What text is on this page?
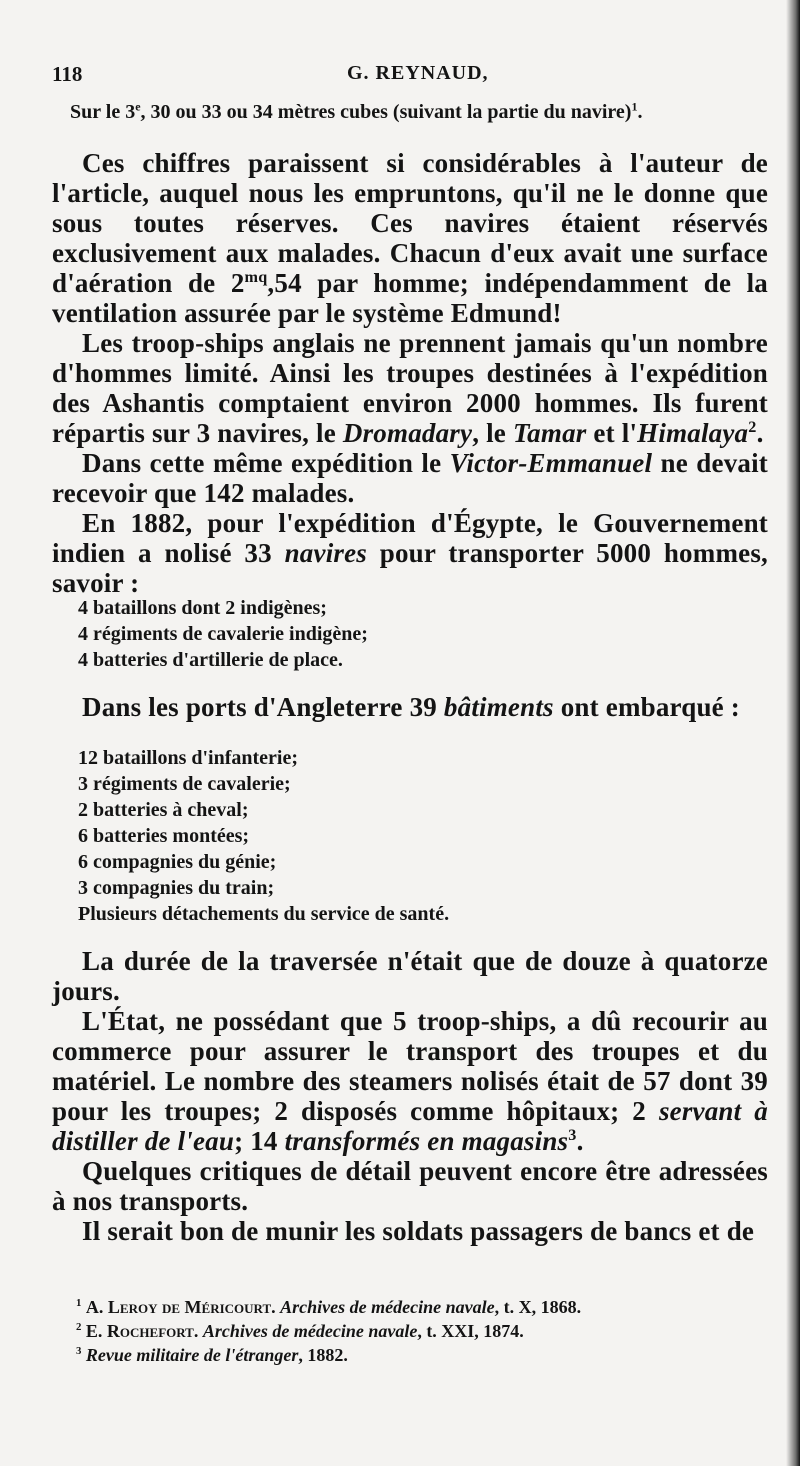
118	G. REYNAUD,
Sur le 3e, 30 ou 33 ou 34 mètres cubes (suivant la partie du navire)$^1$.

Ces chiffres paraissent si considérables à l'auteur de l'article, auquel nous les empruntons, qu'il ne le donne que sous toutes réserves. Ces navires étaient réservés exclusivement aux malades. Chacun d'eux avait une surface d'aération de $2^{mq},54$ par homme; indépendamment de la ventilation assurée par le système Edmund!

Les troop-ships anglais ne prennent jamais qu'un nombre d'hommes limité. Ainsi les troupes destinées à l'expédition des Ashantis comptaient environ 2000 hommes. Ils furent répartis sur 3 navires, le Dromadary, le Tamar et l'Himalaya$^2$.

Dans cette même expédition le Victor-Emmanuel ne devait recevoir que 142 malades.

En 1882, pour l'expédition d'Égypte, le Gouvernement indien a nolisé 33 navires pour transporter 5000 hommes, savoir :

4 bataillons dont 2 indigènes;
4 régiments de cavalerie indigène;
4 batteries d'artillerie de place.

Dans les ports d'Angleterre 39 bâtiments ont embarqué :

12 bataillons d'infanterie;
3 régiments de cavalerie;
2 batteries à cheval;
6 batteries montées;
6 compagnies du génie;
3 compagnies du train;
Plusieurs détachements du service de santé.

La durée de la traversée n'était que de douze à quatorze jours.

L'État, ne possédant que 5 troop-ships, a dû recourir au commerce pour assurer le transport des troupes et du matériel. Le nombre des steamers nolisés était de 57 dont 39 pour les troupes; 2 disposés comme hôpitaux; 2 servant à distiller de l'eau; 14 transformés en magasins$^3$.

Quelques critiques de détail peuvent encore être adressées à nos transports.

Il serait bon de munir les soldats passagers de bancs et de

$^1$ A. Leroy de Méricourt. Archives de médecine navale, t. X, 1868.
$^2$ E. Rochefort. Archives de médecine navale, t. XXI, 1874.
$^3$ Revue militaire de l'étranger, 1882.
